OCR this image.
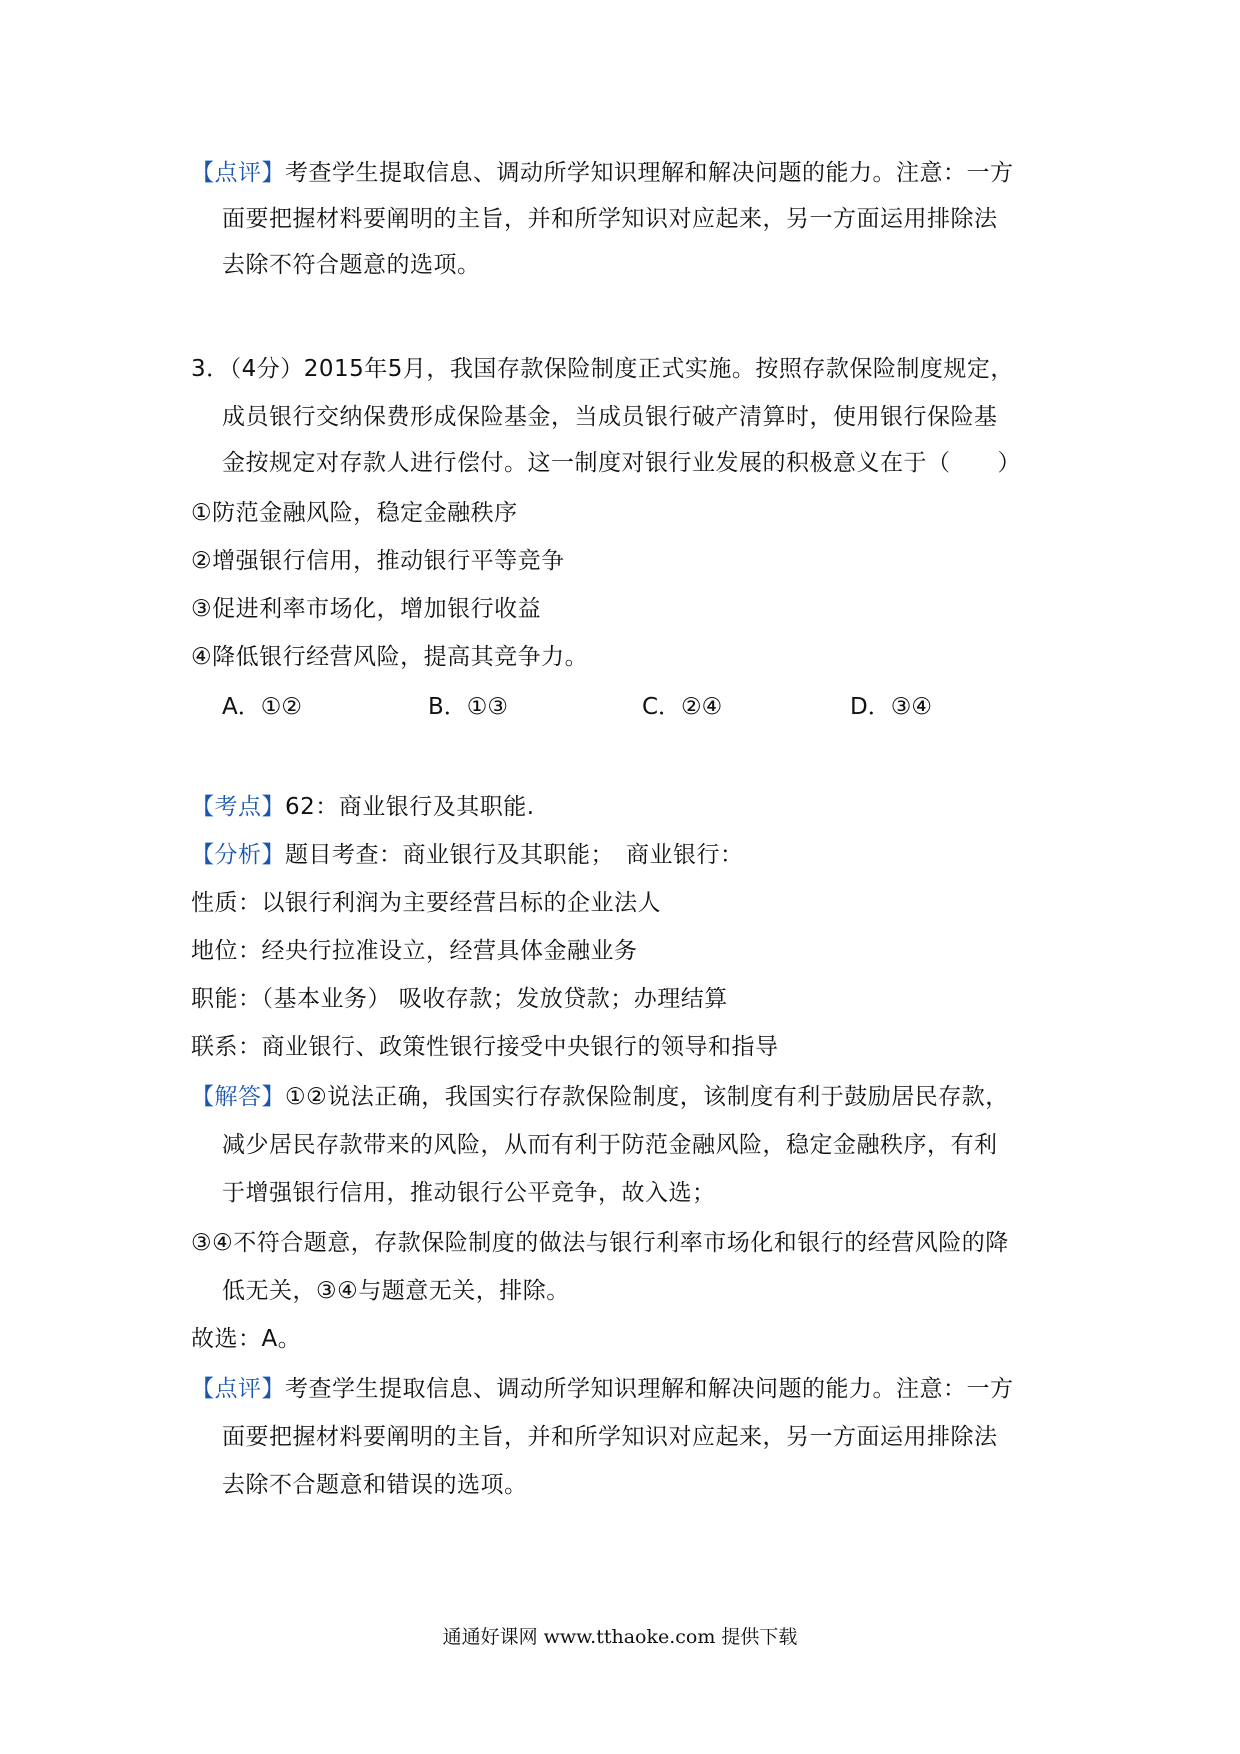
【点评】考查学生提取信息、调动所学知识理解和解决问题的能力。注意：一方
面要把握材料要阐明的主旨，并和所学知识对应起来，另一方面运用排除法
去除不符合题意的选项。
3．（4分）2015年5月，我国存款保险制度正式实施。按照存款保险制度规定，
成员银行交纳保费形成保险基金，当成员银行破产清算时，使用银行保险基
金按规定对存款人进行偿付。这一制度对银行业发展的积极意义在于（　　）
①防范金融风险，稳定金融秩序
②增强银行信用，推动银行平等竞争
③促进利率市场化，增加银行收益
④降低银行经营风险，提高其竞争力。
A．①②	B．①③	C．②④	D．③④
【考点】62：商业银行及其职能.
【分析】题目考查：商业银行及其职能；　商业银行：
性质：以银行利润为主要经营吕标的企业法人
地位：经央行拉准设立，经营具体金融业务
职能：（基本业务） 吸收存款；发放贷款；办理结算
联系：商业银行、政策性银行接受中央银行的领导和指导
【解答】①②说法正确，我国实行存款保险制度，该制度有利于鼓励居民存款，
减少居民存款带来的风险，从而有利于防范金融风险，稳定金融秩序，有利
于增强银行信用，推动银行公平竞争，故入选；
③④不符合题意，存款保险制度的做法与银行利率市场化和银行的经营风险的降
低无关，③④与题意无关，排除。
故选：A。
【点评】考查学生提取信息、调动所学知识理解和解决问题的能力。注意：一方
面要把握材料要阐明的主旨，并和所学知识对应起来，另一方面运用排除法
去除不合题意和错误的选项。
通通好课网 www.tthaoke.com 提供下载
